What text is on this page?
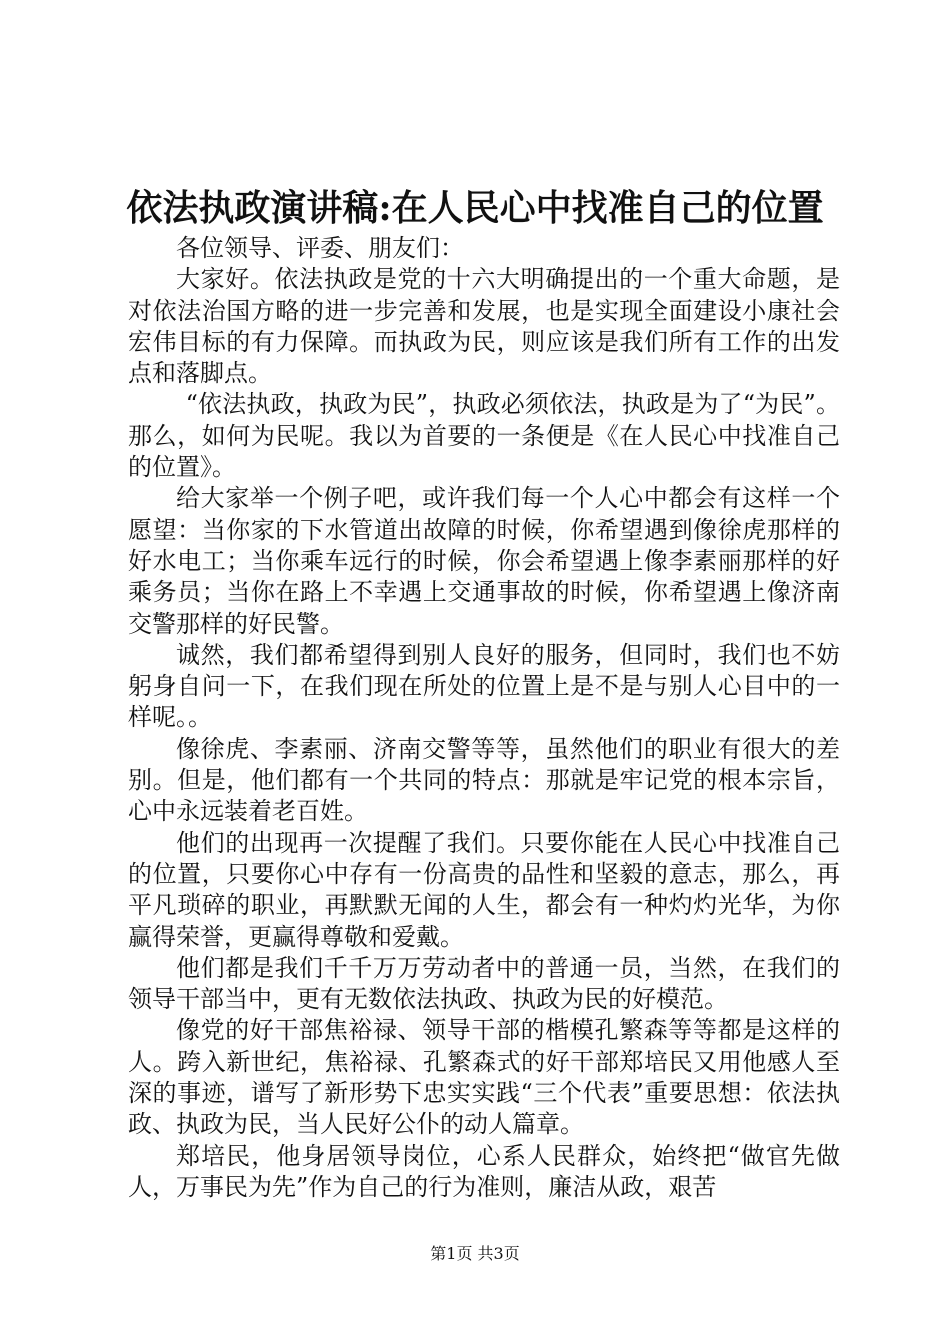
依法执政演讲稿:在人民心中找准自己的位置

各位领导、评委、朋友们：

大家好。依法执政是党的十六大明确提出的一个重大命题，是对依法治国方略的进一步完善和发展，也是实现全面建设小康社会宏伟目标的有力保障。而执政为民，则应该是我们所有工作的出发点和落脚点。

“依法执政，执政为民”，执政必须依法，执政是为了“为民”。那么，如何为民呢。我以为首要的一条便是《在人民心中找准自己的位置》。

给大家举一个例子吧，或许我们每一个人心中都会有这样一个愿望：当你家的下水管道出故障的时候，你希望遇到像徐虎那样的好水电工；当你乘车远行的时候，你会希望遇上像李素丽那样的好乘务员；当你在路上不幸遇上交通事故的时候，你希望遇上像济南交警那样的好民警。

诚然，我们都希望得到别人良好的服务，但同时，我们也不妨躬身自问一下，在我们现在所处的位置上是不是与别人心目中的一样呢。。

像徐虎、李素丽、济南交警等等，虽然他们的职业有很大的差别。但是，他们都有一个共同的特点：那就是牢记党的根本宗旨，心中永远装着老百姓。

他们的出现再一次提醒了我们。只要你能在人民心中找准自己的位置，只要你心中存有一份高贵的品性和坚毅的意志，那么，再平凡琐碎的职业，再默默无闻的人生，都会有一种灼灼光华，为你赢得荣誉，更赢得尊敬和爱戴。

他们都是我们千千万万劳动者中的普通一员，当然，在我们的领导干部当中，更有无数依法执政、执政为民的好模范。

像党的好干部焦裕禄、领导干部的楷模孔繁森等等都是这样的人。跨入新世纪，焦裕禄、孔繁森式的好干部郑培民又用他感人至深的事迹，谱写了新形势下忠实实践“三个代表”重要思想：依法执政、执政为民，当人民好公仆的动人篇章。

郑培民，他身居领导岗位，心系人民群众，始终把“做官先做人，万事民为先”作为自己的行为准则，廉洁从政，艰苦

第1页 共3页
